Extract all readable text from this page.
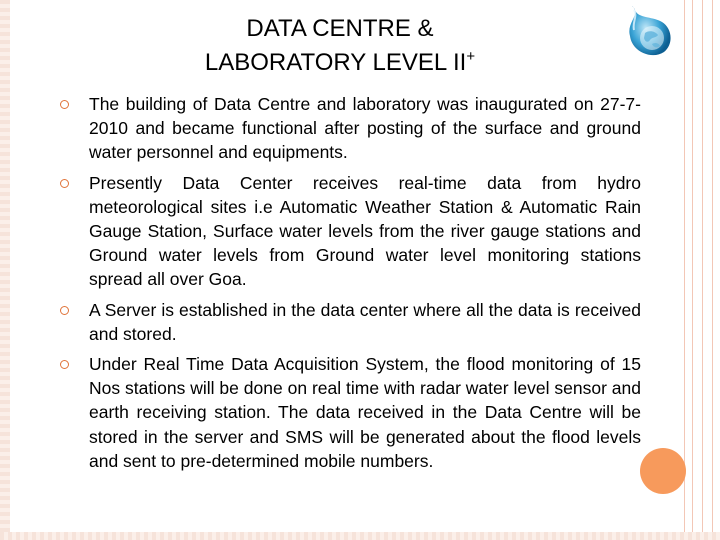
DATA CENTRE &
LABORATORY LEVEL II+
The building of Data Centre and laboratory was inaugurated on 27-7-2010 and became functional after posting of the surface and ground water personnel and equipments.
Presently Data Center receives real-time data from hydro meteorological sites i.e Automatic Weather Station & Automatic Rain Gauge Station, Surface water levels from the river gauge stations and Ground water levels from Ground water level monitoring stations spread all over Goa.
A Server is established in the data center where all the data is received and stored.
Under Real Time Data Acquisition System, the flood monitoring of 15 Nos stations will be done on real time with radar water level sensor and earth receiving station. The data received in the Data Centre will be stored in the server and SMS will be generated about the flood levels and sent to pre-determined mobile numbers.
